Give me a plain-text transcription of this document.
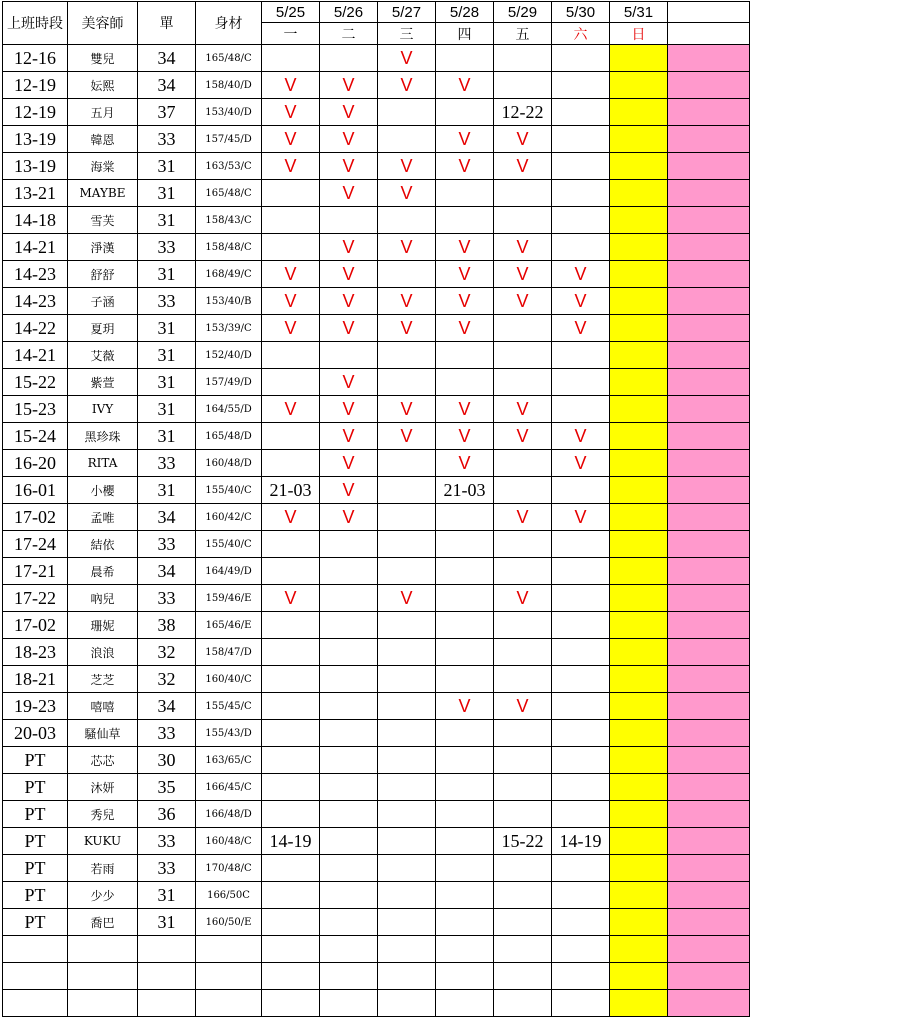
上班時段	美容師	單	身材	5/25	5/26	5/27	5/28	5/29	5/30	5/31	
				一	二	三	四	五	六	日	
12-16	雙兒	34	165/48/C			V					
12-19	妘熙	34	158/40/D	V	V	V	V				
12-19	五月	37	153/40/D	V	V			12-22			
13-19	韓恩	33	157/45/D	V	V		V	V			
13-19	海棠	31	163/53/C	V	V	V	V	V			
13-21	MAYBE	31	165/48/C		V	V					
14-18	雪芙	31	158/43/C								
14-21	淨漢	33	158/48/C		V	V	V	V			
14-23	舒舒	31	168/49/C	V	V		V	V	V		
14-23	子涵	33	153/40/B	V	V	V	V	V	V		
14-22	夏玥	31	153/39/C	V	V	V	V		V		
14-21	艾薇	31	152/40/D								
15-22	紫萱	31	157/49/D		V						
15-23	IVY	31	164/55/D	V	V	V	V	V			
15-24	黑珍珠	31	165/48/D		V	V	V	V	V		
16-20	RITA	33	160/48/D		V		V		V		
16-01	小櫻	31	155/40/C	21-03	V		21-03				
17-02	孟唯	34	160/42/C	V	V			V	V		
17-24	結依	33	155/40/C								
17-21	晨希	34	164/49/D								
17-22	吶兒	33	159/46/E	V		V		V			
17-02	珊妮	38	165/46/E								
18-23	浪浪	32	158/47/D								
18-21	芝芝	32	160/40/C								
19-23	嘻嘻	34	155/45/C				V	V			
20-03	騷仙草	33	155/43/D								
PT	芯芯	30	163/65/C								
PT	沐妍	35	166/45/C								
PT	秀兒	36	166/48/D								
PT	KUKU	33	160/48/C	14-19				15-22	14-19		
PT	若雨	33	170/48/C								
PT	少少	31	166/50C								
PT	喬巴	31	160/50/E								
